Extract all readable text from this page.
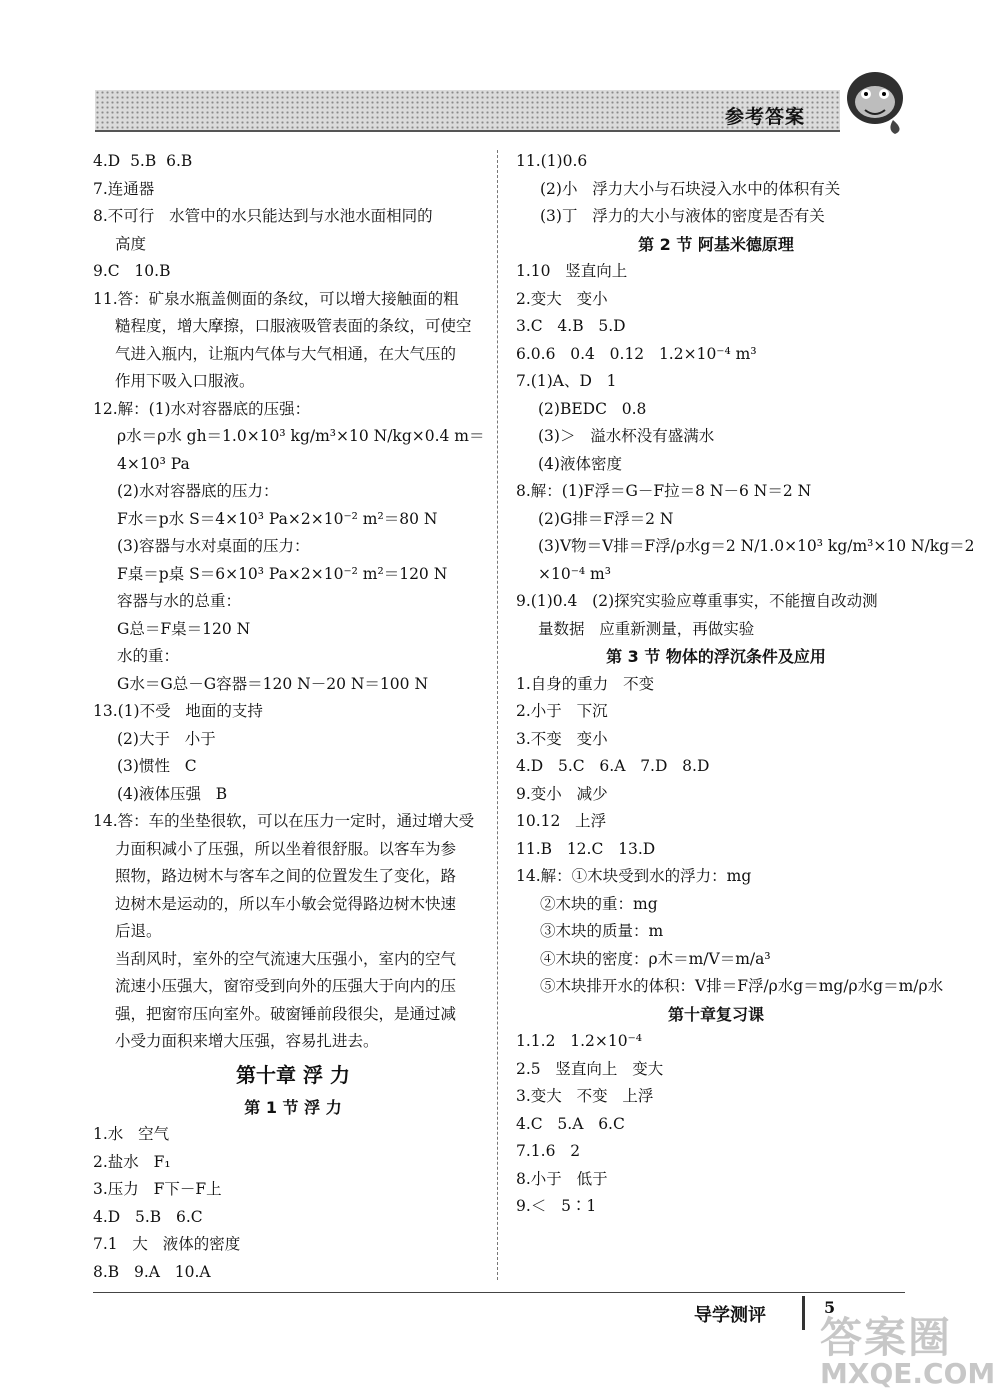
参考答案
4.D  5.B  6.B
7.连通器
8.不可行   水管中的水只能达到与水池水面相同的
高度
9.C   10.B
11.答：矿泉水瓶盖侧面的条纹，可以增大接触面的粗
糙程度，增大摩擦，口服液吸管表面的条纹，可使空
气进入瓶内，让瓶内气体与大气相通，在大气压的
作用下吸入口服液。
12.解：(1)水对容器底的压强：
ρ水＝ρ水 gh＝1.0×10³ kg/m³×10 N/kg×0.4 m＝
4×10³ Pa
(2)水对容器底的压力：
F水＝p水 S＝4×10³ Pa×2×10⁻² m²＝80 N
(3)容器与水对桌面的压力：
F桌＝p桌 S＝6×10³ Pa×2×10⁻² m²＝120 N
容器与水的总重：
G总＝F桌＝120 N
水的重：
G水＝G总－G容器＝120 N－20 N＝100 N
13.(1)不受   地面的支持
(2)大于   小于
(3)惯性   C
(4)液体压强   B
14.答：车的坐垫很软，可以在压力一定时，通过增大受
力面积减小了压强，所以坐着很舒服。以客车为参
照物，路边树木与客车之间的位置发生了变化，路
边树木是运动的，所以车小敏会觉得路边树木快速
后退。
当刮风时，室外的空气流速大压强小，室内的空气
流速小压强大，窗帘受到向外的压强大于向内的压
强，把窗帘压向室外。破窗锤前段很尖，是通过减
小受力面积来增大压强，容易扎进去。
第十章 浮 力
第 1 节 浮 力
1.水   空气
2.盐水   F₁
3.压力   F下－F上
4.D   5.B   6.C
7.1   大   液体的密度
8.B   9.A   10.A
11.(1)0.6
(2)小   浮力大小与石块浸入水中的体积有关
(3)丁   浮力的大小与液体的密度是否有关
第 2 节 阿基米德原理
1.10   竖直向上
2.变大   变小
3.C   4.B   5.D
6.0.6   0.4   0.12   1.2×10⁻⁴ m³
7.(1)A、D   1
(2)BEDC   0.8
(3)＞   溢水杯没有盛满水
(4)液体密度
8.解：(1)F浮＝G－F拉＝8 N－6 N＝2 N
(2)G排＝F浮＝2 N
(3)V物＝V排＝F浮/ρ水g＝2 N/1.0×10³ kg/m³×10 N/kg＝2
×10⁻⁴ m³
9.(1)0.4   (2)探究实验应尊重事实，不能擅自改动测
量数据   应重新测量，再做实验
第 3 节 物体的浮沉条件及应用
1.自身的重力   不变
2.小于   下沉
3.不变   变小
4.D   5.C   6.A   7.D   8.D
9.变小   减少
10.12   上浮
11.B   12.C   13.D
14.解：①木块受到水的浮力：mg
②木块的重：mg
③木块的质量：m
④木块的密度：ρ木＝m/V＝m/a³
⑤木块排开水的体积：V排＝F浮/ρ水g＝mg/ρ水g＝m/ρ水
第十章复习课
1.1.2   1.2×10⁻⁴
2.5   竖直向上   变大
3.变大   不变   上浮
4.C   5.A   6.C
7.1.6   2
8.小于   低于
9.＜   5∶1
导学测评	5
答案圈
MXQE.COM
